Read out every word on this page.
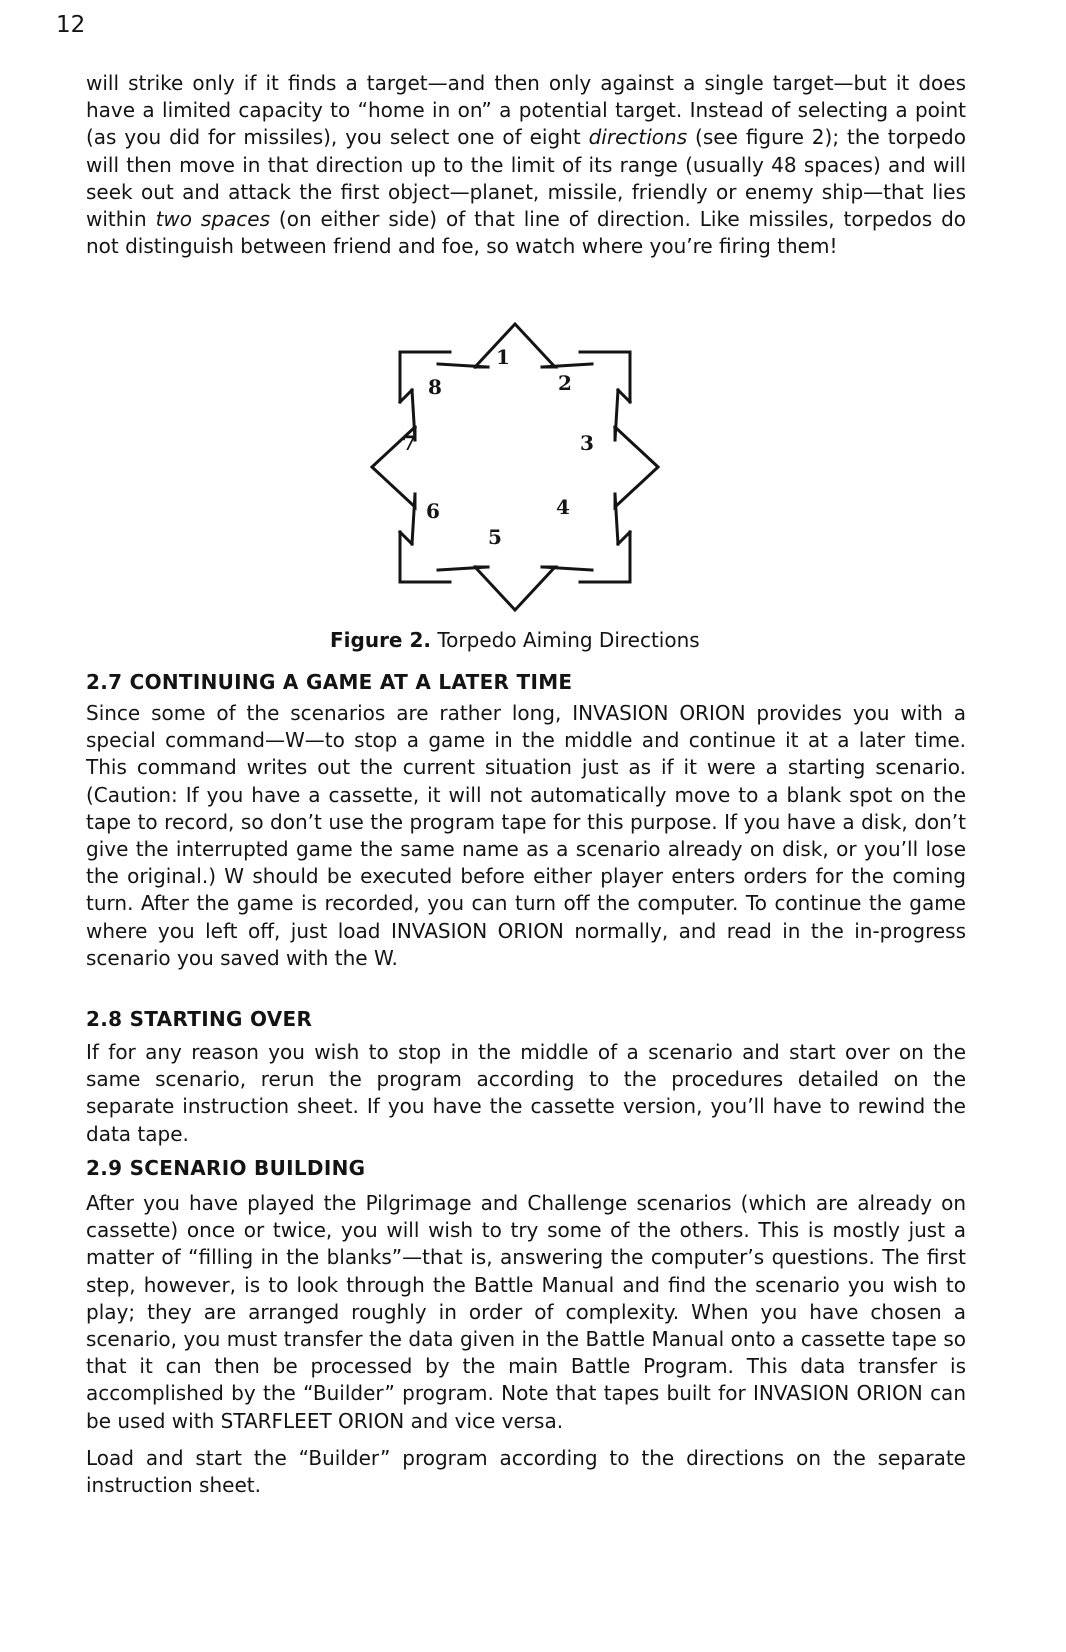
12

will strike only if it finds a target—and then only against a single target—but it does have a limited capacity to “home in on” a potential target. Instead of selecting a point (as you did for missiles), you select one of eight directions (see figure 2); the torpedo will then move in that direction up to the limit of its range (usually 48 spaces) and will seek out and attack the first object—planet, missile, friendly or enemy ship—that lies within two spaces (on either side) of that line of direction. Like missiles, torpedos do not distinguish between friend and foe, so watch where you’re firing them!

1
2
3
4
5
6
7
8
Figure 2. Torpedo Aiming Directions
2.7 CONTINUING A GAME AT A LATER TIME

Since some of the scenarios are rather long, INVASION ORION provides you with a special command—W—to stop a game in the middle and continue it at a later time. This command writes out the current situation just as if it were a starting scenario. (Caution: If you have a cassette, it will not automatically move to a blank spot on the tape to record, so don’t use the program tape for this purpose. If you have a disk, don’t give the interrupted game the same name as a scenario already on disk, or you’ll lose the original.) W should be executed before either player enters orders for the coming turn. After the game is recorded, you can turn off the computer. To continue the game where you left off, just load INVASION ORION normally, and read in the in-progress scenario you saved with the W.

2.8 STARTING OVER

If for any reason you wish to stop in the middle of a scenario and start over on the same scenario, rerun the program according to the procedures detailed on the separate instruction sheet. If you have the cassette version, you’ll have to rewind the data tape.

2.9 SCENARIO BUILDING

After you have played the Pilgrimage and Challenge scenarios (which are already on cassette) once or twice, you will wish to try some of the others. This is mostly just a matter of “filling in the blanks”—that is, answering the computer’s questions. The first step, however, is to look through the Battle Manual and find the scenario you wish to play; they are arranged roughly in order of complexity. When you have chosen a scenario, you must transfer the data given in the Battle Manual onto a cassette tape so that it can then be processed by the main Battle Program. This data transfer is accomplished by the “Builder” program. Note that tapes built for INVASION ORION can be used with STARFLEET ORION and vice versa.

Load and start the “Builder” program according to the directions on the separate instruction sheet.
